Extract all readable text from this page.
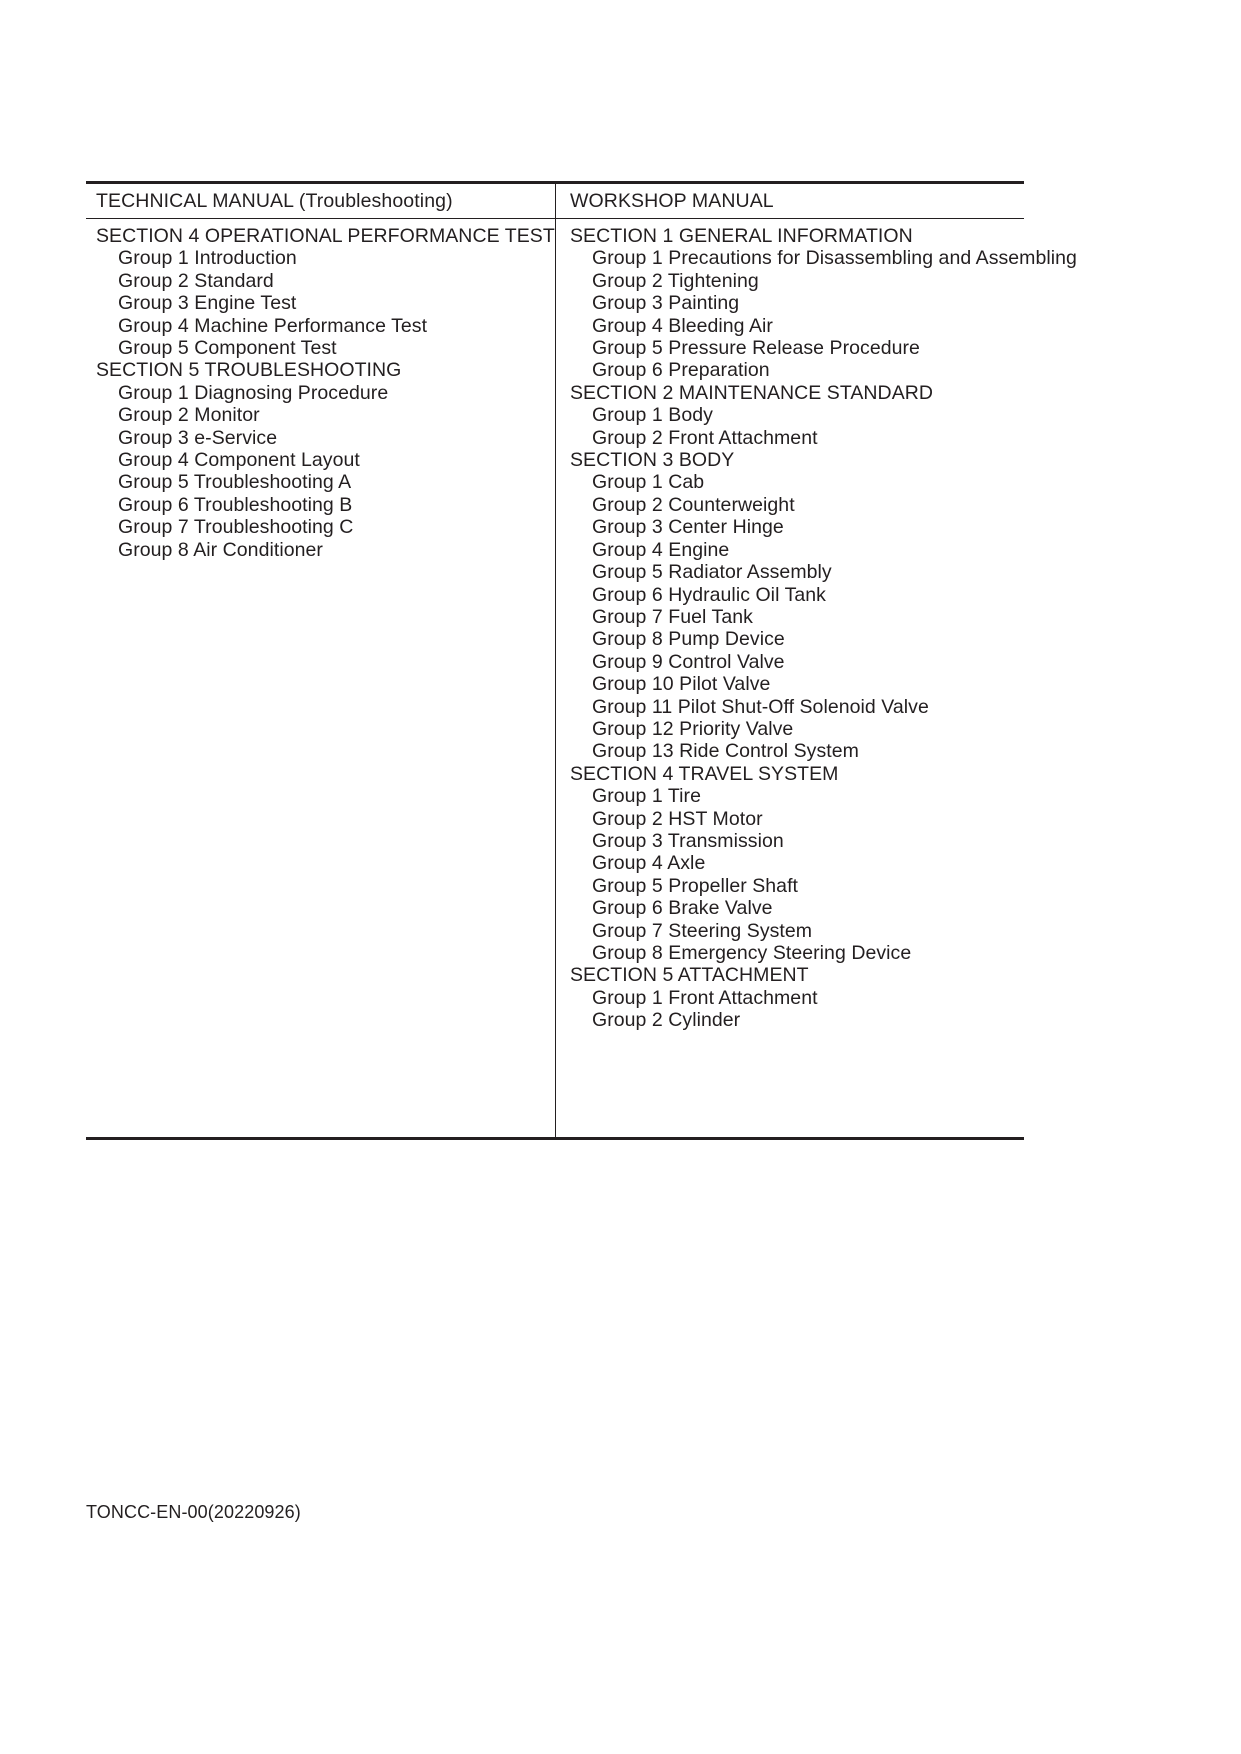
TECHNICAL MANUAL (Troubleshooting)	WORKSHOP MANUAL
SECTION 4 OPERATIONAL PERFORMANCE TEST
Group 1 Introduction
Group 2 Standard
Group 3 Engine Test
Group 4 Machine Performance Test
Group 5 Component Test
SECTION 5 TROUBLESHOOTING
Group 1 Diagnosing Procedure
Group 2 Monitor
Group 3 e-Service
Group 4 Component Layout
Group 5 Troubleshooting A
Group 6 Troubleshooting B
Group 7 Troubleshooting C
Group 8 Air Conditioner
SECTION 1 GENERAL INFORMATION
Group 1 Precautions for Disassembling and Assembling
Group 2 Tightening
Group 3 Painting
Group 4 Bleeding Air
Group 5 Pressure Release Procedure
Group 6 Preparation
SECTION 2 MAINTENANCE STANDARD
Group 1 Body
Group 2 Front Attachment
SECTION 3 BODY
Group 1 Cab
Group 2 Counterweight
Group 3 Center Hinge
Group 4 Engine
Group 5 Radiator Assembly
Group 6 Hydraulic Oil Tank
Group 7 Fuel Tank
Group 8 Pump Device
Group 9 Control Valve
Group 10 Pilot Valve
Group 11 Pilot Shut-Off Solenoid Valve
Group 12 Priority Valve
Group 13 Ride Control System
SECTION 4 TRAVEL SYSTEM
Group 1 Tire
Group 2 HST Motor
Group 3 Transmission
Group 4 Axle
Group 5 Propeller Shaft
Group 6 Brake Valve
Group 7 Steering System
Group 8 Emergency Steering Device
SECTION 5 ATTACHMENT
Group 1 Front Attachment
Group 2 Cylinder
TONCC-EN-00(20220926)
